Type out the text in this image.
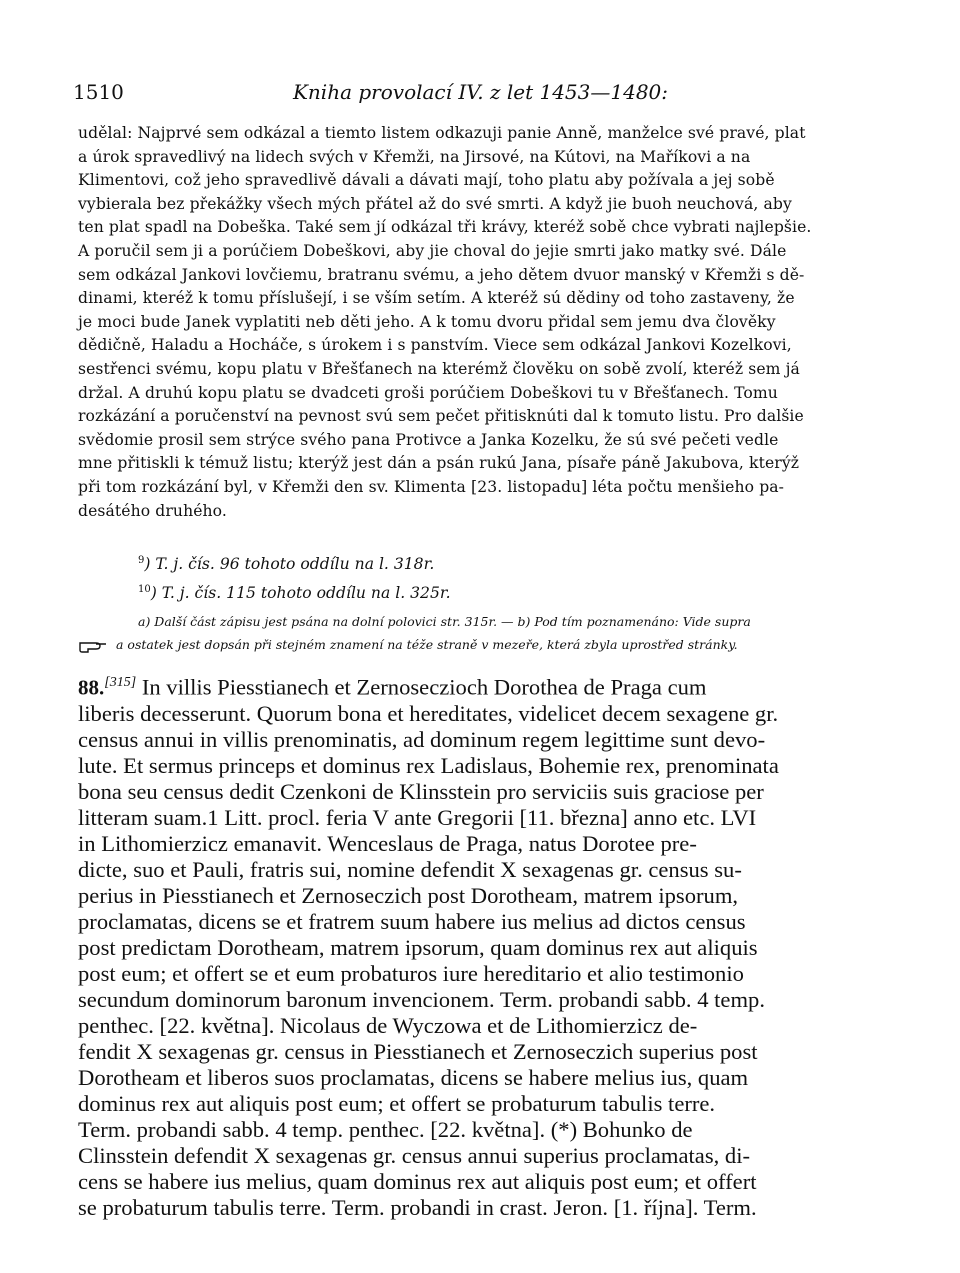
1510	Kniha provolací IV. z let 1453—1480:

udělal: Najprvé sem odkázal a tiemto listem odkazuji panie Anně, manželce své pravé, plat

a úrok spravedlivý na lidech svých v Křemži, na Jirsové, na Kútovi, na Maříkovi a na

Klimentovi, což jeho spravedlivě dávali a dávati mají, toho platu aby požívala a jej sobě

vybierala bez překážky všech mých přátel až do své smrti. A když jie buoh neuchová, aby

ten plat spadl na Dobeška. Také sem jí odkázal tři krávy, kteréž sobě chce vybrati najlepšie.

A poručil sem ji a porúčiem Dobeškovi, aby jie choval do jejie smrti jako matky své. Dále

sem odkázal Jankovi lovčiemu, bratranu svému, a jeho dětem dvuor manský v Křemži s dě-

dinami, kteréž k tomu příslušejí, i se vším setím. A kteréž sú dědiny od toho zastaveny, že

je moci bude Janek vyplatiti neb děti jeho. A k tomu dvoru přidal sem jemu dva člověky

dědičně, Haladu a Hocháče, s úrokem i s panstvím. Viece sem odkázal Jankovi Kozelkovi,

sestřenci svému, kopu platu v Břešťanech na kterémž člověku on sobě zvolí, kteréž sem já

držal. A druhú kopu platu se dvadceti groši porúčiem Dobeškovi tu v Břešťanech. Tomu

rozkázání a poručenství na pevnost svú sem pečet přitisknúti dal k tomuto listu. Pro dalšie

svědomie prosil sem strýce svého pana Protivce a Janka Kozelku, že sú své pečeti vedle

mne přitiskli k témuž listu; kterýž jest dán a psán rukú Jana, písaře páně Jakubova, kterýž

při tom rozkázání byl, v Křemži den sv. Klimenta [23. listopadu] léta počtu menšieho pa-

desátého druhého.

$^9$) T. j. čís. 96 tohoto oddílu na l. 318r.
$^{10}$) T. j. čís. 115 tohoto oddílu na l. 325r.
a) Další část zápisu jest psána na dolní polovici str. 315r. — b) Pod tím poznamenáno: Vide supra
a ostatek jest dopsán při stejném znamení na téže straně v mezeře, která zbyla uprostřed stránky.

88.[315] In villis Piesstianech et Zernoseczioch Dorothea de Praga cum

liberis decesserunt. Quorum bona et hereditates, videlicet decem sexagene gr.

census annui in villis prenominatis, ad dominum regem legittime sunt devo-

lute. Et sermus princeps et dominus rex Ladislaus, Bohemie rex, prenominata

bona seu census dedit Czenkoni de Klinsstein pro serviciis suis graciose per

litteram suam.1 Litt. procl. feria V ante Gregorii [11. března] anno etc. LVI

in Lithomierzicz emanavit. Wenceslaus de Praga, natus Dorotee pre-

dicte, suo et Pauli, fratris sui, nomine defendit X sexagenas gr. census su-

perius in Piesstianech et Zernoseczich post Dorotheam, matrem ipsorum,

proclamatas, dicens se et fratrem suum habere ius melius ad dictos census

post predictam Dorotheam, matrem ipsorum, quam dominus rex aut aliquis

post eum; et offert se et eum probaturos iure hereditario et alio testimonio

secundum dominorum baronum invencionem. Term. probandi sabb. 4 temp.

penthec. [22. května]. Nicolaus de Wyczowa et de Lithomierzicz de-

fendit X sexagenas gr. census in Piesstianech et Zernoseczich superius post

Dorotheam et liberos suos proclamatas, dicens se habere melius ius, quam

dominus rex aut aliquis post eum; et offert se probaturum tabulis terre.

Term. probandi sabb. 4 temp. penthec. [22. května]. (*) Bohunko de

Clinsstein defendit X sexagenas gr. census annui superius proclamatas, di-

cens se habere ius melius, quam dominus rex aut aliquis post eum; et offert

se probaturum tabulis terre. Term. probandi in crast. Jeron. [1. října]. Term.
